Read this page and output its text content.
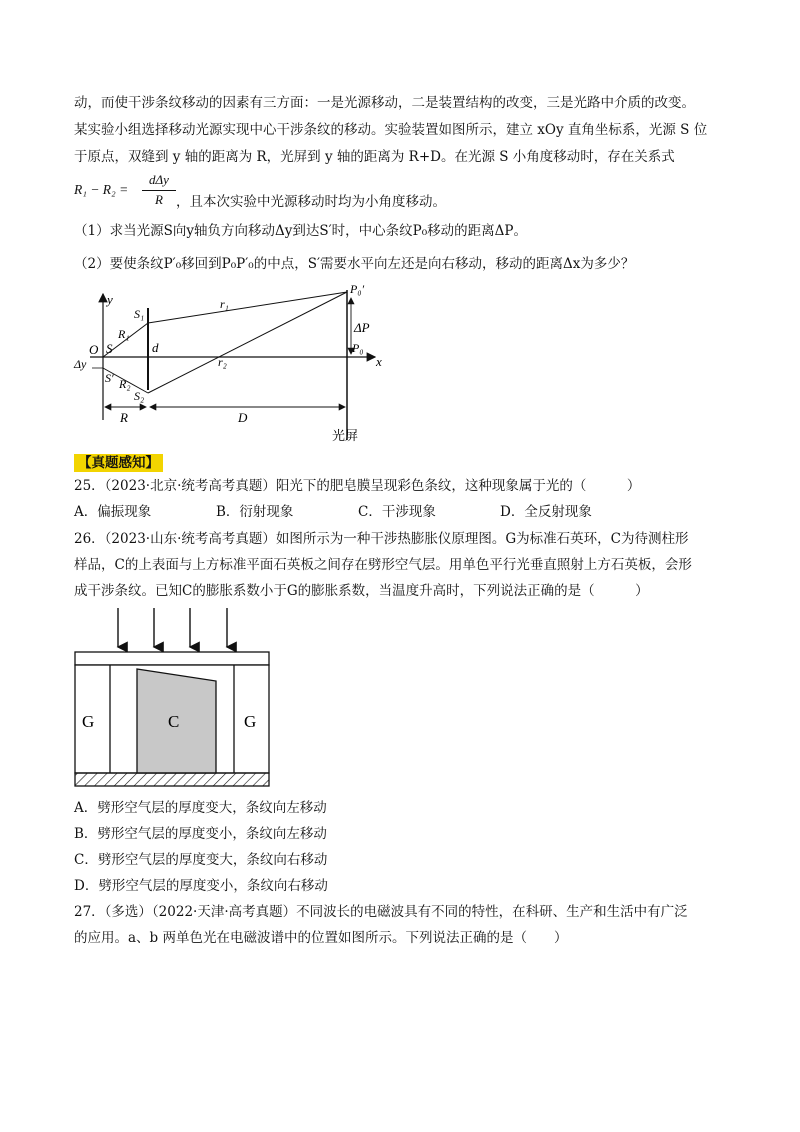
动，而使干涉条纹移动的因素有三方面：一是光源移动，二是装置结构的改变，三是光路中介质的改变。
某实验小组选择移动光源实现中心干涉条纹的移动。实验装置如图所示，建立 xOy 直角坐标系，光源 S 位
于原点，双缝到 y 轴的距离为 R，光屏到 y 轴的距离为 R+D。在光源 S 小角度移动时，存在关系式
R₁ − R₂ =
dΔy
R ，且本次实验中光源移动时均为小角度移动。
（1）求当光源S向y轴负方向移动Δy到达S′时，中心条纹P₀移动的距离ΔP。
（2）要使条纹P′₀移回到P₀P′₀的中点，S′需要水平向左还是向右移动，移动的距离Δx为多少？
y
x
O S
S′
Δy
S₁
S₂
R₁
R₂
r₁
r₂
d
P₀′
P₀
ΔP
R	D
光屏
【真题感知】
25．（2023·北京·统考高考真题）阳光下的肥皂膜呈现彩色条纹，这种现象属于光的（　　　）
A．偏振现象	B．衍射现象	C．干涉现象	D．全反射现象
26．（2023·山东·统考高考真题）如图所示为一种干涉热膨胀仪原理图。G为标准石英环，C为待测柱形
样品，C的上表面与上方标准平面石英板之间存在劈形空气层。用单色平行光垂直照射上方石英板，会形
成干涉条纹。已知C的膨胀系数小于G的膨胀系数，当温度升高时，下列说法正确的是（　　　）
G	C	G
A．劈形空气层的厚度变大，条纹向左移动
B．劈形空气层的厚度变小，条纹向左移动
C．劈形空气层的厚度变大，条纹向右移动
D．劈形空气层的厚度变小，条纹向右移动
27．（多选）（2022·天津·高考真题）不同波长的电磁波具有不同的特性，在科研、生产和生活中有广泛
的应用。a、b 两单色光在电磁波谱中的位置如图所示。下列说法正确的是（　　）
